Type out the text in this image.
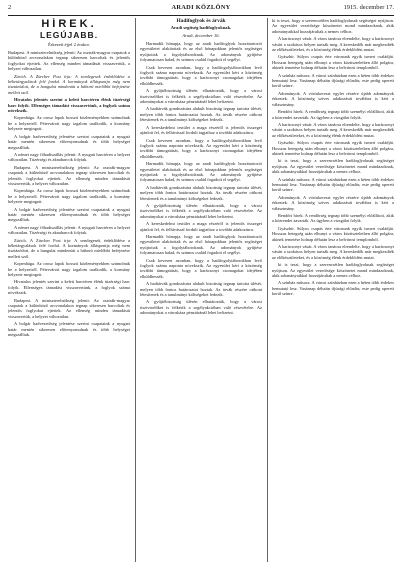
2	ARADI KÖZLÖNY	1915. december 17.
HÍREK.
LEGÚJABB.
Érkezett éjjel 2 órakor.

Budapest. A miniszterelnökség jelenti: Az osztrák-magyar csapatok a különböző arcvonalakon tegnap sikeresen harcoltak és jelentős foglyokat ejtettek. Az ellenség minden támadását visszavertük, a helyzet változatlan.

Zürich. A Zürcher Post írja: A semlegesek érdeklődése a béketárgyalások felé fordul. A kormányok álláspontja még nem tisztázódott, de a hangulat mindenütt a háború mielőbbi befejezése mellett szól.

Hivatalos jelentés szerint a keleti harctéren élénk tüzérségi harc folyik. Ellenséges támadást visszavertünk, a foglyok száma növekszik.

Kopenhága. Az orosz lapok hosszú közleményekben számolnak be a helyzetről. Pétervárott nagy izgalom uralkodik, a kormány helyzete megingott.

A bolgár hadvezetőség jelentése szerint csapataink a nyugati határ mentén sikeresen előrenyomulnak és több helységet megszálltak.

A német nagy főhadiszállás jelenti: A nyugati harctéren a helyzet változatlan. Tüzérségi és aknaharcok folytak.

Budapest. A miniszterelnökség jelenti: Az osztrák-magyar csapatok a különböző arcvonalakon tegnap sikeresen harcoltak és jelentős foglyokat ejtettek. Az ellenség minden támadását visszavertük, a helyzet változatlan.

Kopenhága. Az orosz lapok hosszú közleményekben számolnak be a helyzetről. Pétervárott nagy izgalom uralkodik, a kormány helyzete megingott.

A bolgár hadvezetőség jelentése szerint csapataink a nyugati határ mentén sikeresen előrenyomulnak és több helységet megszálltak.

A német nagy főhadiszállás jelenti: A nyugati harctéren a helyzet változatlan. Tüzérségi és aknaharcok folytak.

Zürich. A Zürcher Post írja: A semlegesek érdeklődése a béketárgyalások felé fordul. A kormányok álláspontja még nem tisztázódott, de a hangulat mindenütt a háború mielőbbi befejezése mellett szól.

Kopenhága. Az orosz lapok hosszú közleményekben számolnak be a helyzetről. Pétervárott nagy izgalom uralkodik, a kormány helyzete megingott.

Hivatalos jelentés szerint a keleti harctéren élénk tüzérségi harc folyik. Ellenséges támadást visszavertünk, a foglyok száma növekszik.

Budapest. A miniszterelnökség jelenti: Az osztrák-magyar csapatok a különböző arcvonalakon tegnap sikeresen harcoltak és jelentős foglyokat ejtettek. Az ellenség minden támadását visszavertük, a helyzet változatlan.

A bolgár hadvezetőség jelentése szerint csapataink a nyugati határ mentén sikeresen előrenyomulnak és több helységet megszálltak.

Hadifoglyok és árvák
Aradi segítség hadifoglyoknak.
Aradi, december 16.

Harmadik hónapja, hogy az aradi hadifoglyok hozzátartozói egyesületet alakítottak és az első hónapokban jelentős segítséget nyújtottak a fogolytáboroknak. Az adományok gyűjtése folyamatosan halad, és számos család fogadott el segélyt.

Csak kevesen azonban, hogy a hadifogolytáborokban levő foglyok száma naponta növekszik. Az egyesület kéri a közönség további támogatását, hogy a karácsonyi csomagokat idejében elküldhessék.

A gyűjtőbizottság ülésén elhatározták, hogy a városi tisztviselőket is felkérik a segélyakcióban való részvételre. Az adományokat a városháza pénztáránál lehet befizetni.

A hadiárvák gondozására alakult bizottság tegnap tartotta ülését, melyen több fontos határozatot hoztak. Az árvák részére otthont létesítenek és a tanulmányi költségeket fedezik.

A kereskedelmi testület a maga részéről is jelentős összeget ajánlott fel, és felhívással fordult tagjaihoz a további adakozásra.

Csak kevesen azonban, hogy a hadifogolytáborokban levő foglyok száma naponta növekszik. Az egyesület kéri a közönség további támogatását, hogy a karácsonyi csomagokat idejében elküldhessék.

Harmadik hónapja, hogy az aradi hadifoglyok hozzátartozói egyesületet alakítottak és az első hónapokban jelentős segítséget nyújtottak a fogolytáboroknak. Az adományok gyűjtése folyamatosan halad, és számos család fogadott el segélyt.

A hadiárvák gondozására alakult bizottság tegnap tartotta ülését, melyen több fontos határozatot hoztak. Az árvák részére otthont létesítenek és a tanulmányi költségeket fedezik.

A gyűjtőbizottság ülésén elhatározták, hogy a városi tisztviselőket is felkérik a segélyakcióban való részvételre. Az adományokat a városháza pénztáránál lehet befizetni.

A kereskedelmi testület a maga részéről is jelentős összeget ajánlott fel, és felhívással fordult tagjaihoz a további adakozásra.

Harmadik hónapja, hogy az aradi hadifoglyok hozzátartozói egyesületet alakítottak és az első hónapokban jelentős segítséget nyújtottak a fogolytáboroknak. Az adományok gyűjtése folyamatosan halad, és számos család fogadott el segélyt.

Csak kevesen azonban, hogy a hadifogolytáborokban levő foglyok száma naponta növekszik. Az egyesület kéri a közönség további támogatását, hogy a karácsonyi csomagokat idejében elküldhessék.

A hadiárvák gondozására alakult bizottság tegnap tartotta ülését, melyen több fontos határozatot hoztak. Az árvák részére otthont létesítenek és a tanulmányi költségeket fedezik.

A gyűjtőbizottság ülésén elhatározták, hogy a városi tisztviselőket is felkérik a segélyakcióban való részvételre. Az adományokat a városháza pénztáránál lehet befizetni.

ki is teszi, hogy a szerencsétlen hadifoglyoknak segítséget nyújtson. Az egyesület vezetősége köszönetet mond mindazoknak, akik adományaikkal hozzájárultak a nemes célhoz.

A karácsonyi vásár. A város tanácsa elrendelte, hogy a karácsonyi vásárt a szokásos helyen tartsák meg. A kereskedők már megkezdték az előkészületeket, és a közönség élénk érdeklődést mutat.

Gyászhír. Súlyos csapás érte városunk egyik ismert családját. Hosszas betegség után elhunyt a város köztiszteletben álló polgára, akinek temetése holnap délután lesz a belvárosi templomból.

A színház műsora. A városi színházban ezen a héten több érdekes bemutató lesz. Vasárnap délután ifjúsági előadás, este pedig operett kerül színre.

Adományok. A vöröskereszt egylet részére újabb adományok érkeztek. A közönség szíves adakozását továbbra is kéri a választmány.

Rendőri hírek. A rendőrség tegnap több személyt előállított, akik a közrendet zavarták. Az ügyben a vizsgálat folyik.

A karácsonyi vásár. A város tanácsa elrendelte, hogy a karácsonyi vásárt a szokásos helyen tartsák meg. A kereskedők már megkezdték az előkészületeket, és a közönség élénk érdeklődést mutat.

Gyászhír. Súlyos csapás érte városunk egyik ismert családját. Hosszas betegség után elhunyt a város köztiszteletben álló polgára, akinek temetése holnap délután lesz a belvárosi templomból.

ki is teszi, hogy a szerencsétlen hadifoglyoknak segítséget nyújtson. Az egyesület vezetősége köszönetet mond mindazoknak, akik adományaikkal hozzájárultak a nemes célhoz.

A színház műsora. A városi színházban ezen a héten több érdekes bemutató lesz. Vasárnap délután ifjúsági előadás, este pedig operett kerül színre.

Adományok. A vöröskereszt egylet részére újabb adományok érkeztek. A közönség szíves adakozását továbbra is kéri a választmány.

Rendőri hírek. A rendőrség tegnap több személyt előállított, akik a közrendet zavarták. Az ügyben a vizsgálat folyik.

Gyászhír. Súlyos csapás érte városunk egyik ismert családját. Hosszas betegség után elhunyt a város köztiszteletben álló polgára, akinek temetése holnap délután lesz a belvárosi templomból.

A karácsonyi vásár. A város tanácsa elrendelte, hogy a karácsonyi vásárt a szokásos helyen tartsák meg. A kereskedők már megkezdték az előkészületeket, és a közönség élénk érdeklődést mutat.

ki is teszi, hogy a szerencsétlen hadifoglyoknak segítséget nyújtson. Az egyesület vezetősége köszönetet mond mindazoknak, akik adományaikkal hozzájárultak a nemes célhoz.

A színház műsora. A városi színházban ezen a héten több érdekes bemutató lesz. Vasárnap délután ifjúsági előadás, este pedig operett kerül színre.
